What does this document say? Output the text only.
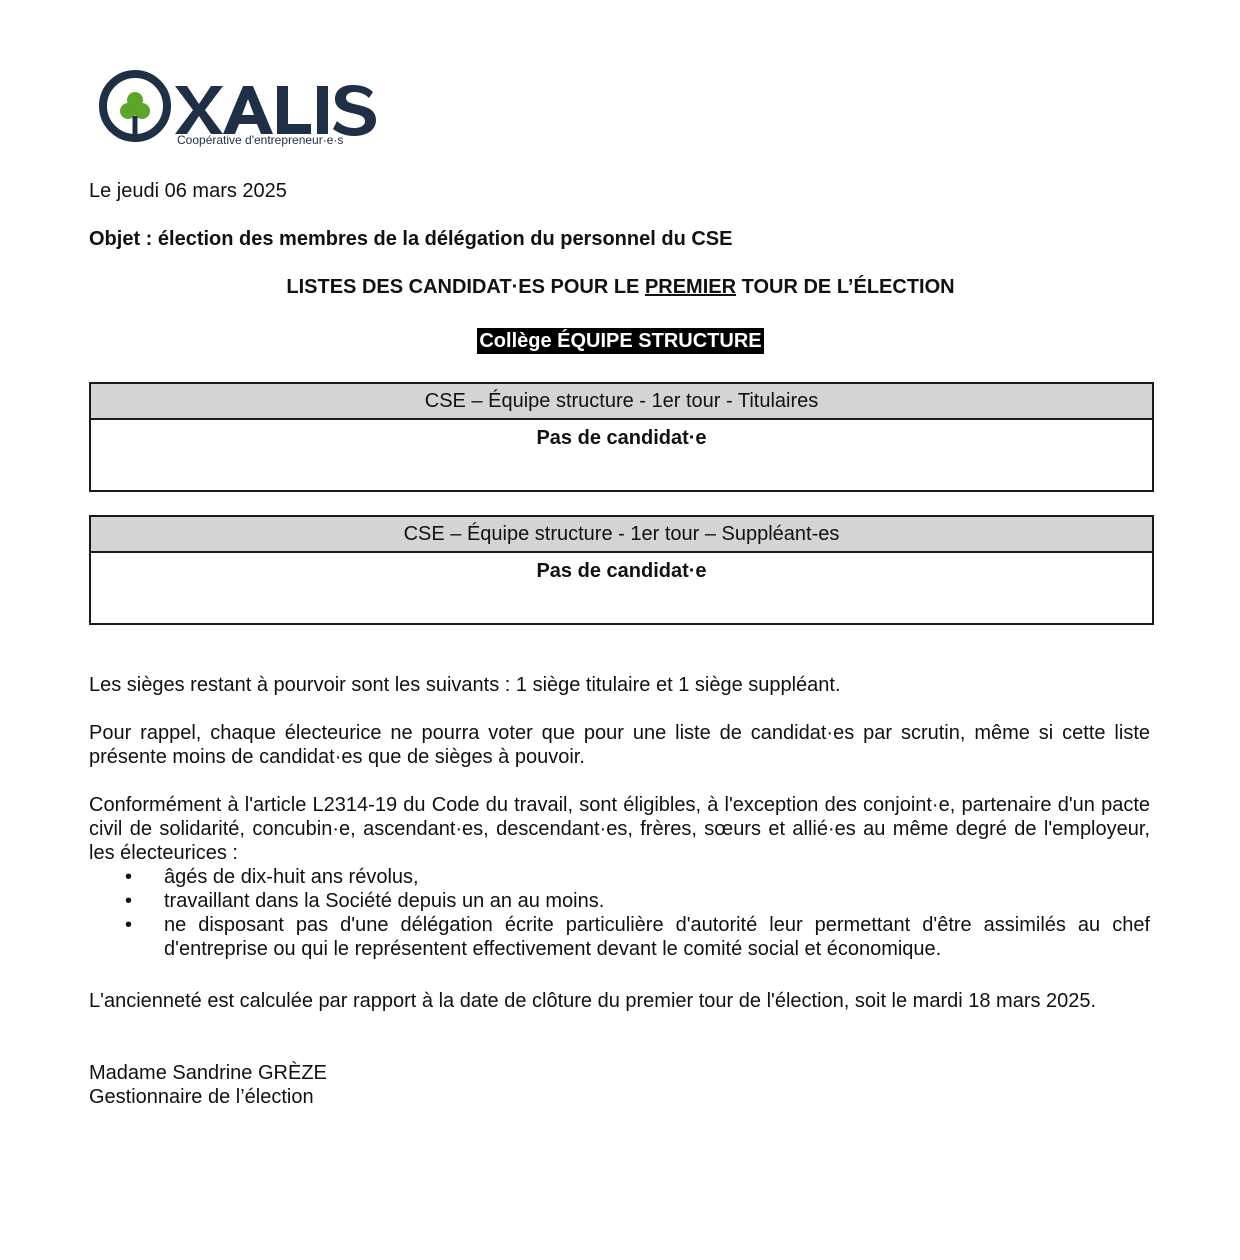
Coopérative d'entrepreneur·e·s
Le jeudi 06 mars 2025
Objet : élection des membres de la délégation du personnel du CSE
LISTES DES CANDIDAT·ES POUR LE PREMIER TOUR DE L’ÉLECTION
Collège ÉQUIPE STRUCTURE
CSE – Équipe structure - 1er tour - Titulaires
Pas de candidat·e
CSE – Équipe structure - 1er tour – Suppléant-es
Pas de candidat·e
Les sièges restant à pourvoir sont les suivants : 1 siège titulaire et 1 siège suppléant.
Pour rappel, chaque électeurice ne pourra voter que pour une liste de candidat·es par scrutin, même si cette liste présente moins de candidat·es que de sièges à pouvoir.
Conformément à l'article L2314-19 du Code du travail, sont éligibles, à l'exception des conjoint·e, partenaire d'un pacte civil de solidarité, concubin·e, ascendant·es, descendant·es, frères, sœurs et allié·es au même degré de l'employeur, les électeurices :
• âgés de dix-huit ans révolus,
• travaillant dans la Société depuis un an au moins.
• ne disposant pas d'une délégation écrite particulière d'autorité leur permettant d'être assimilés au chef d'entreprise ou qui le représentent effectivement devant le comité social et économique.
L'ancienneté est calculée par rapport à la date de clôture du premier tour de l'élection, soit le mardi 18 mars 2025.
Madame Sandrine GRÈZE
Gestionnaire de l’élection
